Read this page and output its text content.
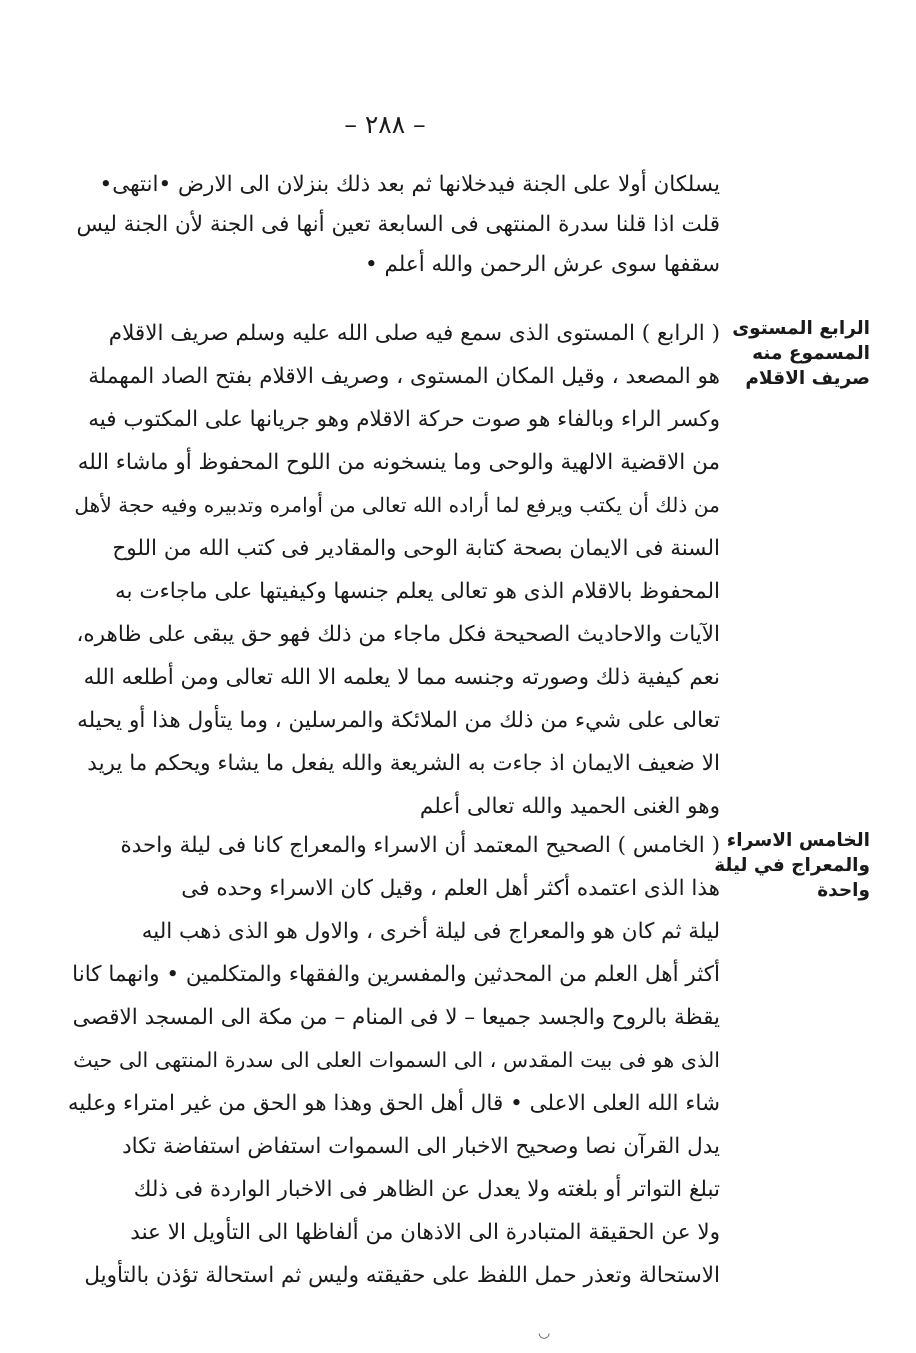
– ٢٨٨ –
يسلكان أولا على الجنة فيدخلانها ثم بعد ذلك بنزلان الى الارض •انتهى•
قلت اذا قلنا سدرة المنتهى فى السابعة تعين أنها فى الجنة لأن الجنة ليس
سقفها سوى عرش الرحمن والله أعلم •
الرابع المستوى
المسموع منه
صريف الاقلام
( الرابع ) المستوى الذى سمع فيه صلى الله عليه وسلم صريف الاقلام
هو المصعد ، وقيل المكان المستوى ، وصريف الاقلام بفتح الصاد المهملة
وكسر الراء وبالفاء هو صوت حركة الاقلام وهو جريانها على المكتوب فيه
من الاقضية الالهية والوحى وما ينسخونه من اللوح المحفوظ أو ماشاء الله
من ذلك أن يكتب ويرفع لما أراده الله تعالى من أوامره وتدبيره وفيه حجة لأهل
السنة فى الايمان بصحة كتابة الوحى والمقادير فى كتب الله من اللوح
المحفوظ بالاقلام الذى هو تعالى يعلم جنسها وكيفيتها على ماجاءت به
الآيات والاحاديث الصحيحة فكل ماجاء من ذلك فهو حق يبقى على ظاهره،
نعم كيفية ذلك وصورته وجنسه مما لا يعلمه الا الله تعالى ومن أطلعه الله
تعالى على شيء من ذلك من الملائكة والمرسلين ، وما يتأول هذا أو يحيله
الا ضعيف الايمان اذ جاءت به الشريعة والله يفعل ما يشاء ويحكم ما يريد
وهو الغنى الحميد والله تعالى أعلم
الخامس الاسراء
والمعراج في ليلة
واحدة
( الخامس ) الصحيح المعتمد أن الاسراء والمعراج كانا فى ليلة واحدة
هذا الذى اعتمده أكثر أهل العلم ، وقيل كان الاسراء وحده فى
ليلة ثم كان هو والمعراج فى ليلة أخرى ، والاول هو الذى ذهب اليه
أكثر أهل العلم من المحدثين والمفسرين والفقهاء والمتكلمين • وانهما كانا
يقظة بالروح والجسد جميعا – لا فى المنام – من مكة الى المسجد الاقصى
الذى هو فى بيت المقدس ، الى السموات العلى الى سدرة المنتهى الى حيث
شاء الله العلى الاعلى • قال أهل الحق وهذا هو الحق من غير امتراء وعليه
يدل القرآن نصا وصحيح الاخبار الى السموات استفاض استفاضة تكاد
تبلغ التواتر أو بلغته ولا يعدل عن الظاهر فى الاخبار الواردة فى ذلك
ولا عن الحقيقة المتبادرة الى الاذهان من ألفاظها الى التأويل الا عند
الاستحالة وتعذر حمل اللفظ على حقيقته وليس ثم استحالة تؤذن بالتأويل
◡
